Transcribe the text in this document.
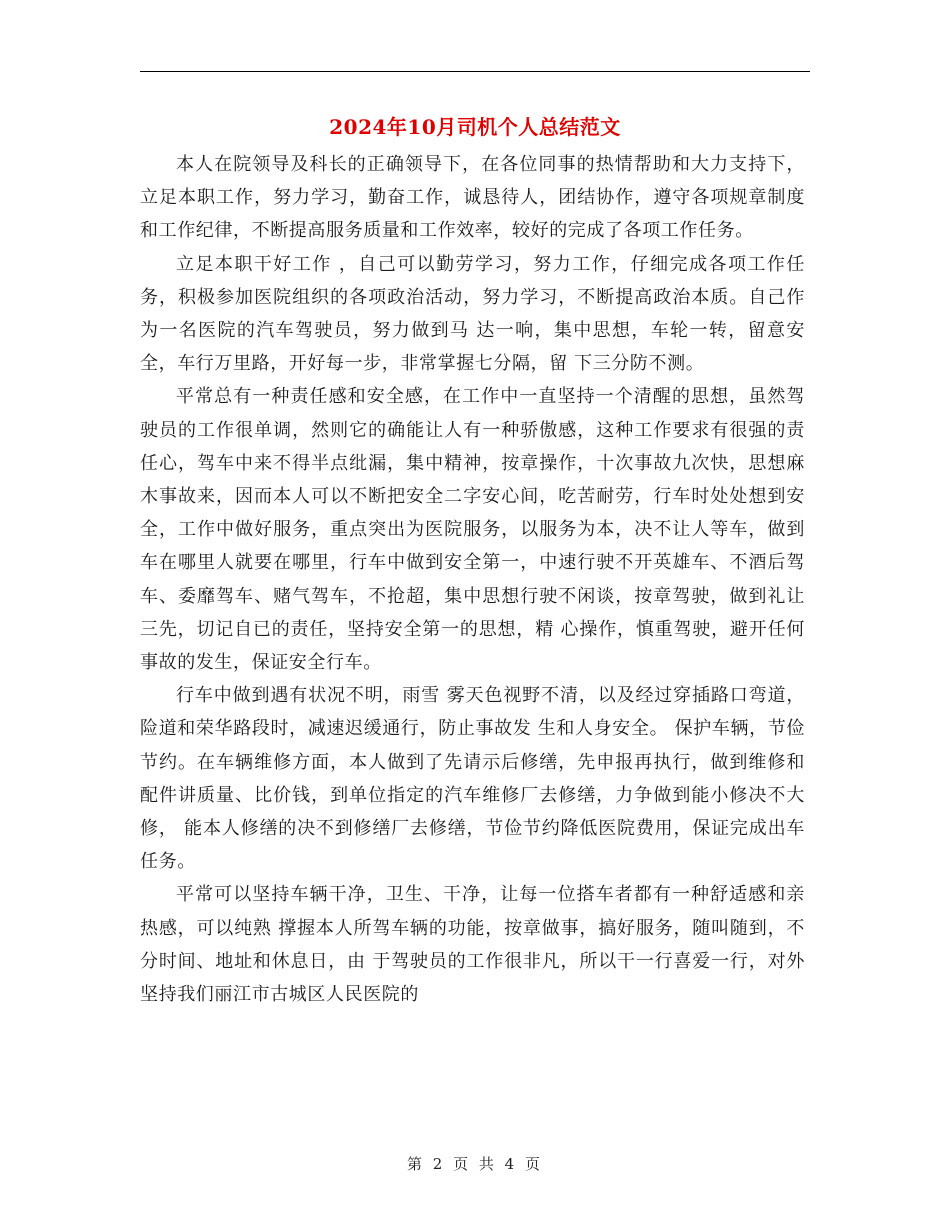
2024年10月司机个人总结范文

本人在院领导及科长的正确领导下，在各位同事的热情帮助和大力支持下，立足本职工作，努力学习，勤奋工作，诚恳待人，团结协作，遵守各项规章制度和工作纪律，不断提高服务质量和工作效率，较好的完成了各项工作任务。

立足本职干好工作 ，自己可以勤劳学习，努力工作，仔细完成各项工作任务，积极参加医院组织的各项政治活动，努力学习，不断提高政治本质。自己作为一名医院的汽车驾驶员，努力做到马 达一响，集中思想，车轮一转，留意安全，车行万里路，开好每一步，非常掌握七分隔，留 下三分防不测。

平常总有一种责任感和安全感，在工作中一直坚持一个清醒的思想，虽然驾 驶员的工作很单调，然则它的确能让人有一种骄傲感，这种工作要求有很强的责任心，驾车中来不得半点纰漏，集中精神，按章操作，十次事故九次快，思想麻木事故来，因而本人可以不断把安全二字安心间，吃苦耐劳，行车时处处想到安全，工作中做好服务，重点突出为医院服务，以服务为本，决不让人等车，做到车在哪里人就要在哪里，行车中做到安全第一，中速行驶不开英雄车、不酒后驾车、委靡驾车、赌气驾车，不抢超，集中思想行驶不闲谈，按章驾驶，做到礼让三先，切记自已的责任，坚持安全第一的思想，精 心操作，慎重驾驶，避开任何事故的发生，保证安全行车。

行车中做到遇有状况不明，雨雪 雾天色视野不清，以及经过穿插路口弯道，险道和荣华路段时，减速迟缓通行，防止事故发 生和人身安全。 保护车辆，节俭节约。在车辆维修方面，本人做到了先请示后修缮，先申报再执行，做到维修和配件讲质量、比价钱，到单位指定的汽车维修厂去修缮，力争做到能小修决不大修， 能本人修缮的决不到修缮厂去修缮，节俭节约降低医院费用，保证完成出车任务。

平常可以坚持车辆干净，卫生、干净，让每一位搭车者都有一种舒适感和亲热感，可以纯熟 撑握本人所驾车辆的功能，按章做事，搞好服务，随叫随到，不分时间、地址和休息日，由 于驾驶员的工作很非凡，所以干一行喜爱一行，对外坚持我们丽江市古城区人民医院的

第 2 页 共 4 页
